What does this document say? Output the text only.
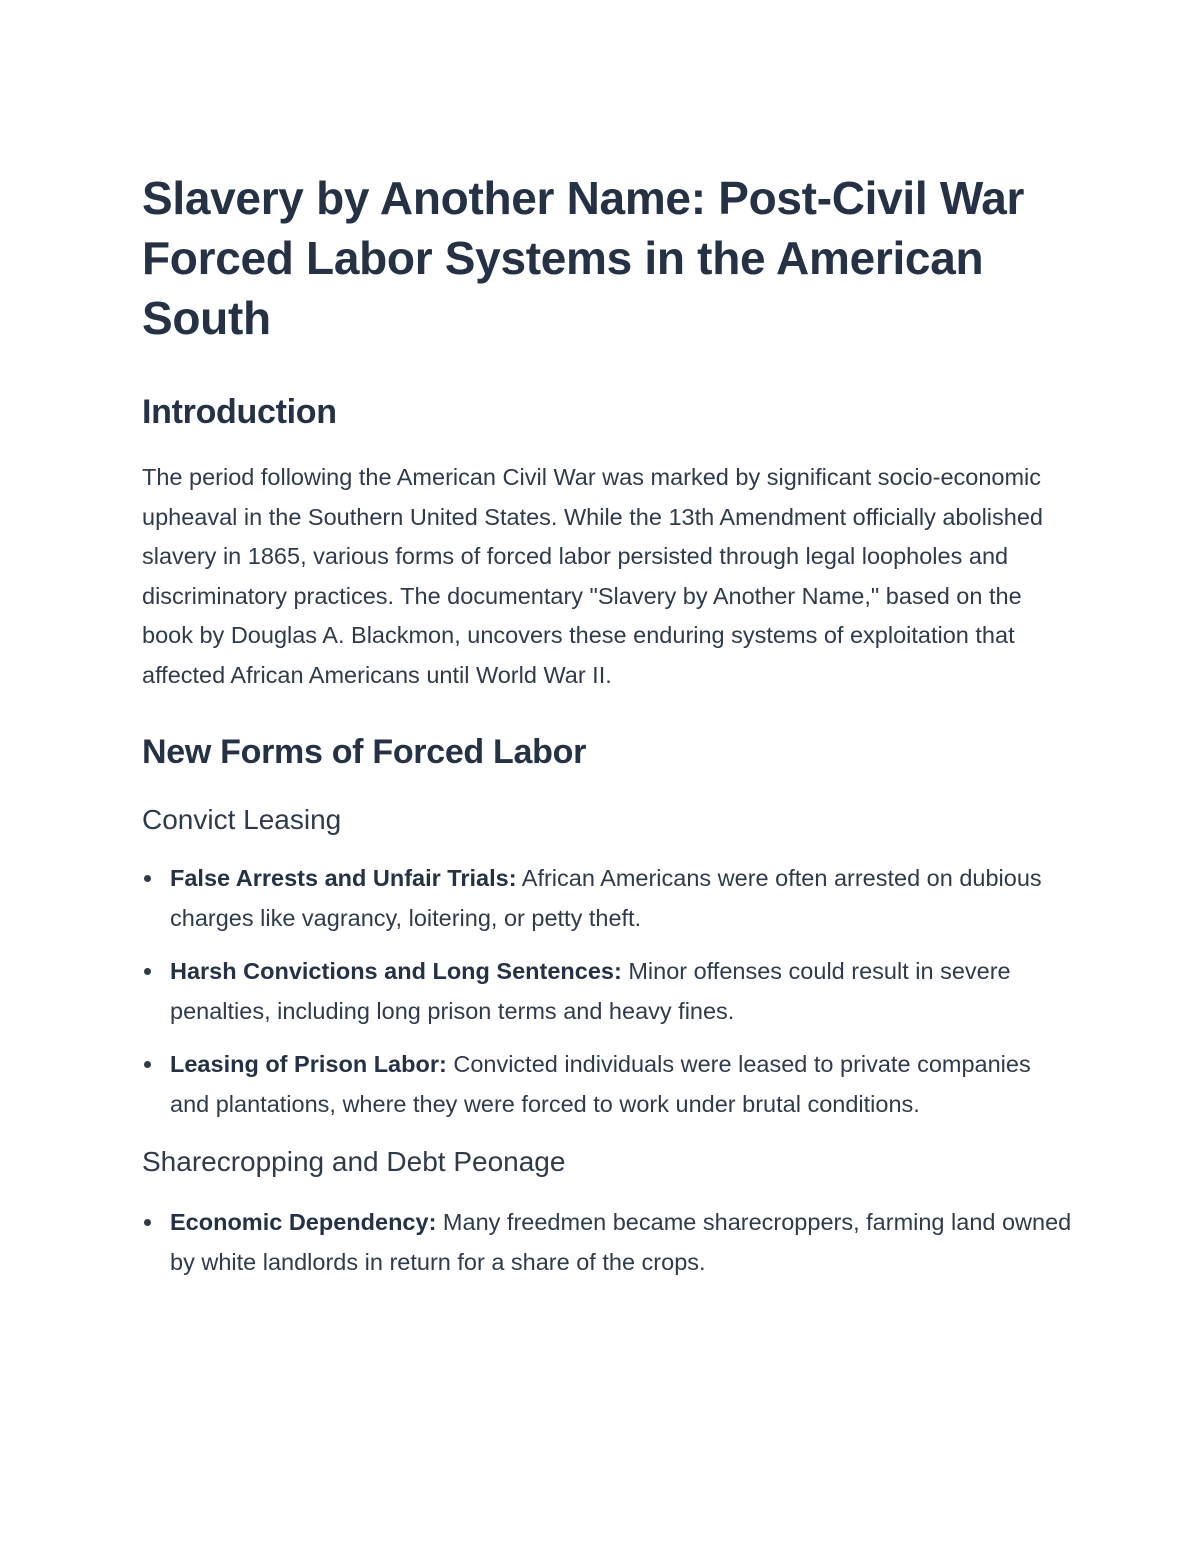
Slavery by Another Name: Post-Civil War Forced Labor Systems in the American South
Introduction

The period following the American Civil War was marked by significant socio-economic upheaval in the Southern United States. While the 13th Amendment officially abolished slavery in 1865, various forms of forced labor persisted through legal loopholes and discriminatory practices. The documentary "Slavery by Another Name," based on the book by Douglas A. Blackmon, uncovers these enduring systems of exploitation that affected African Americans until World War II.

New Forms of Forced Labor
Convict Leasing
False Arrests and Unfair Trials: African Americans were often arrested on dubious charges like vagrancy, loitering, or petty theft.
Harsh Convictions and Long Sentences: Minor offenses could result in severe penalties, including long prison terms and heavy fines.
Leasing of Prison Labor: Convicted individuals were leased to private companies and plantations, where they were forced to work under brutal conditions.
Sharecropping and Debt Peonage
Economic Dependency: Many freedmen became sharecroppers, farming land owned by white landlords in return for a share of the crops.
